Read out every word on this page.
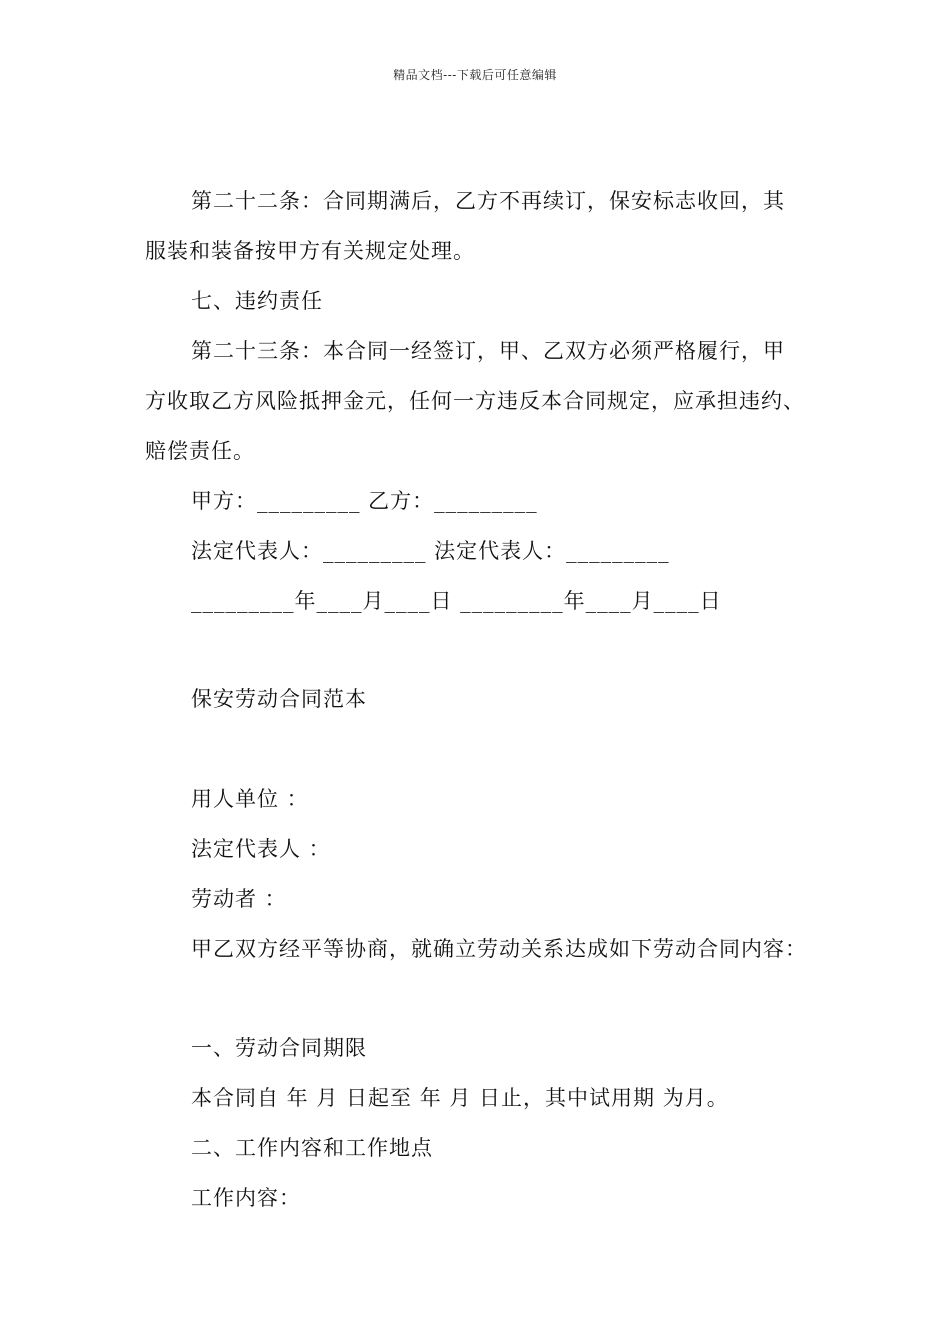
精品文档---下载后可任意编辑
第二十二条：合同期满后，乙方不再续订，保安标志收回，其
服装和装备按甲方有关规定处理。
七、违约责任
第二十三条：本合同一经签订，甲、乙双方必须严格履行，甲
方收取乙方风险抵押金元，任何一方违反本合同规定，应承担违约、
赔偿责任。
甲方：_________ 乙方：_________
法定代表人：_________ 法定代表人：_________
_________年____月____日 _________年____月____日
保安劳动合同范本
用人单位 ：
法定代表人 ：
劳动者 ：
甲乙双方经平等协商，就确立劳动关系达成如下劳动合同内容：
一、劳动合同期限
本合同自 年 月 日起至 年 月 日止，其中试用期 为月。
二、工作内容和工作地点
工作内容：
